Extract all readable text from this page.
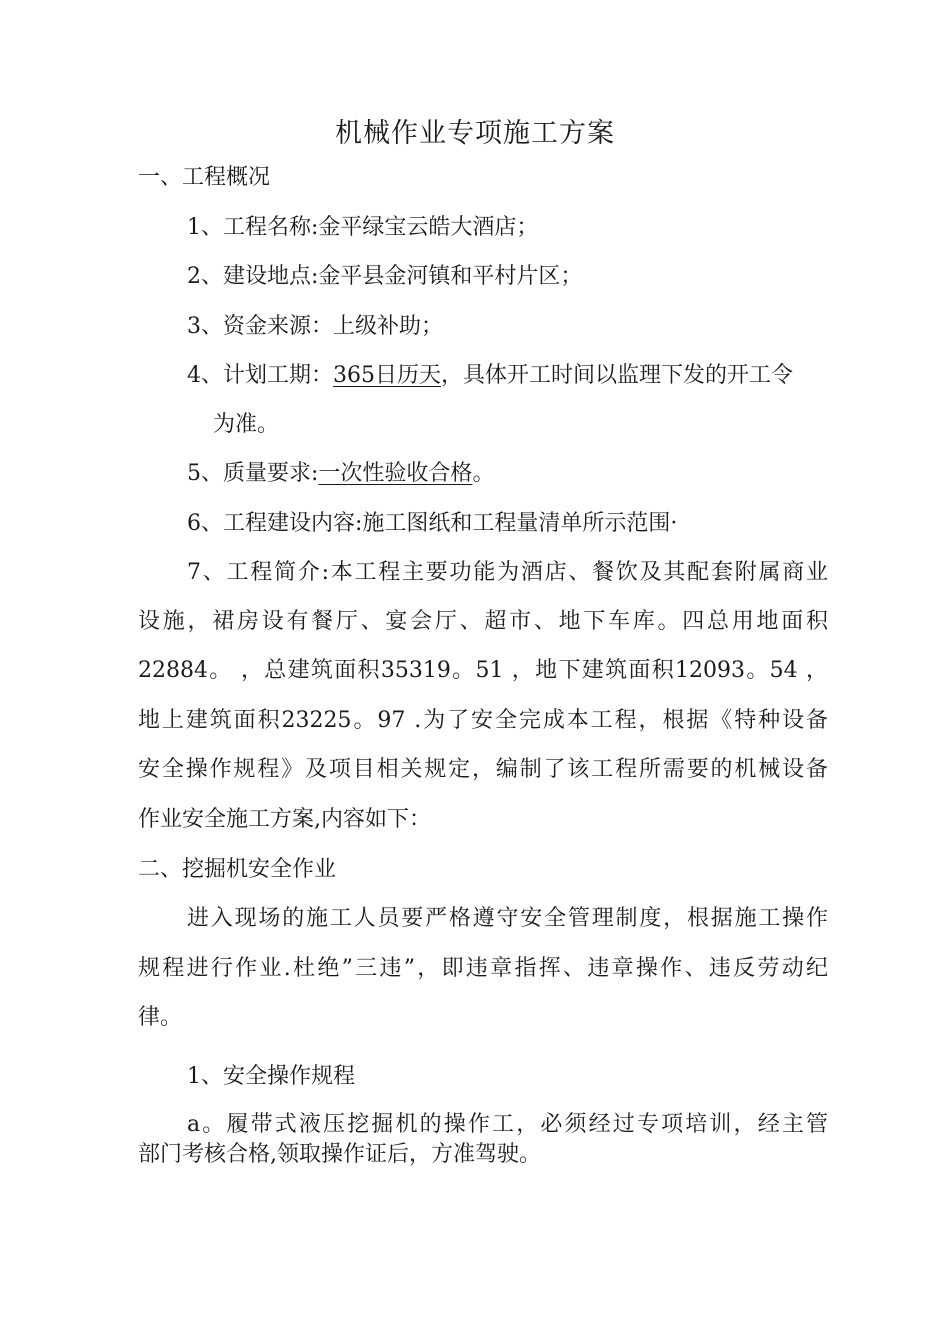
机械作业专项施工方案
一、工程概况
1、工程名称:金平绿宝云皓大酒店；
2、建设地点:金平县金河镇和平村片区；
3、资金来源：上级补助；
4、计划工期：365日历天，具体开工时间以监理下发的开工令
为准。
5、质量要求:一次性验收合格。
6、工程建设内容:施工图纸和工程量清单所示范围·
7、工程简介:本工程主要功能为酒店、餐饮及其配套附属商业
设施，裙房设有餐厅、宴会厅、超市、地下车库。四总用地面积
22884。 ，总建筑面积35319。51 ，地下建筑面积12093。54 ，
地上建筑面积23225。97 .为了安全完成本工程，根据《特种设备
安全操作规程》及项目相关规定，编制了该工程所需要的机械设备
作业安全施工方案,内容如下：
二、挖掘机安全作业
进入现场的施工人员要严格遵守安全管理制度，根据施工操作
规程进行作业.杜绝”三违”，即违章指挥、违章操作、违反劳动纪
律。
1、安全操作规程
a。履带式液压挖掘机的操作工，必须经过专项培训，经主管
部门考核合格,领取操作证后，方准驾驶。
